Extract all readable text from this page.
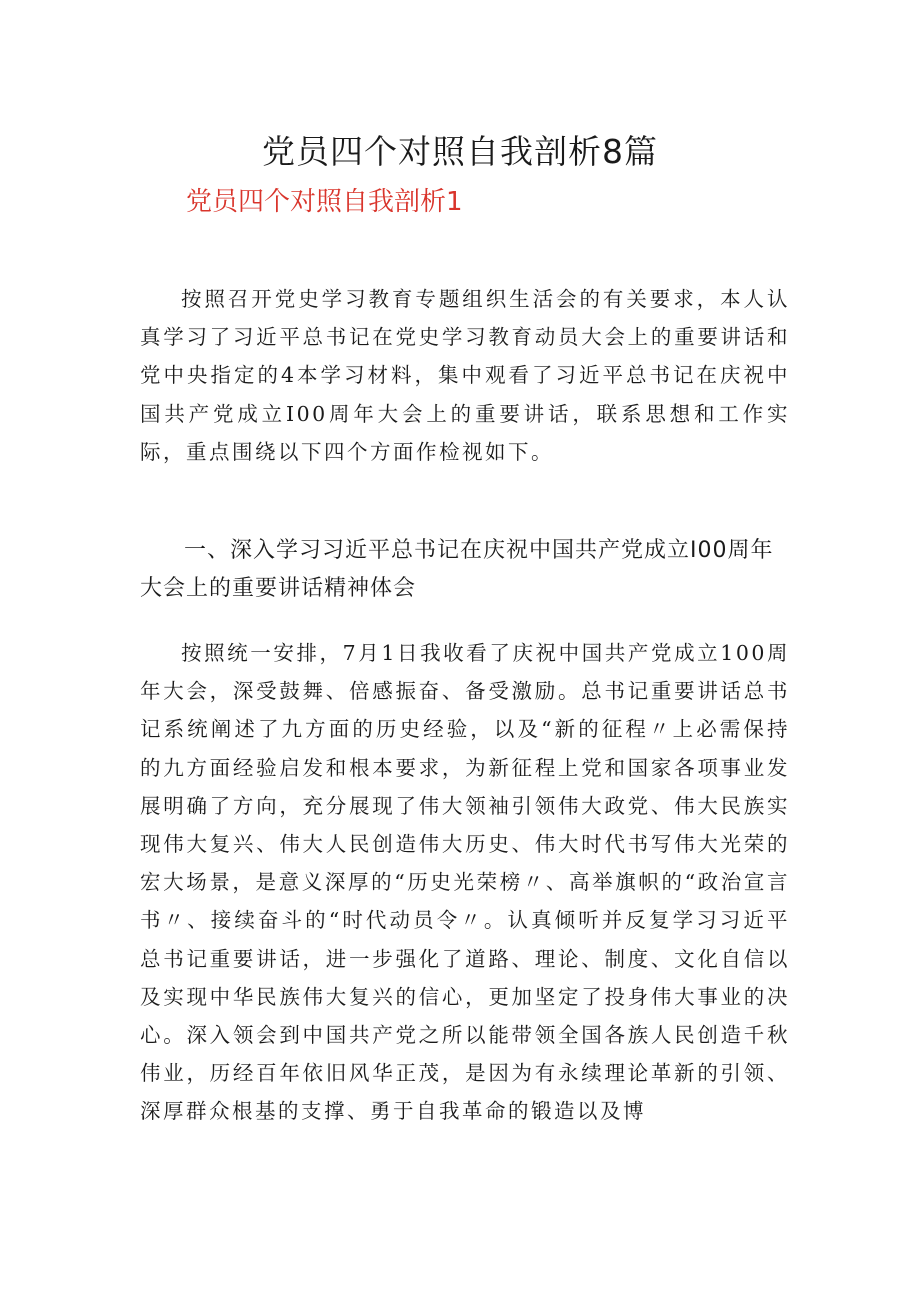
党员四个对照自我剖析8篇
党员四个对照自我剖析1

按照召开党史学习教育专题组织生活会的有关要求，本人认真学习了习近平总书记在党史学习教育动员大会上的重要讲话和党中央指定的4本学习材料，集中观看了习近平总书记在庆祝中国共产党成立I00周年大会上的重要讲话，联系思想和工作实际，重点围绕以下四个方面作检视如下。

一、深入学习习近平总书记在庆祝中国共产党成立I00周年大会上的重要讲话精神体会

按照统一安排，7月1日我收看了庆祝中国共产党成立100周年大会，深受鼓舞、倍感振奋、备受激励。总书记重要讲话总书记系统阐述了九方面的历史经验，以及“新的征程〃上必需保持的九方面经验启发和根本要求，为新征程上党和国家各项事业发展明确了方向，充分展现了伟大领袖引领伟大政党、伟大民族实现伟大复兴、伟大人民创造伟大历史、伟大时代书写伟大光荣的宏大场景，是意义深厚的“历史光荣榜〃、高举旗帜的“政治宣言书〃、接续奋斗的“时代动员令〃。认真倾听并反复学习习近平总书记重要讲话，进一步强化了道路、理论、制度、文化自信以及实现中华民族伟大复兴的信心，更加坚定了投身伟大事业的决心。深入领会到中国共产党之所以能带领全国各族人民创造千秋伟业，历经百年依旧风华正茂，是因为有永续理论革新的引领、深厚群众根基的支撑、勇于自我革命的锻造以及博
